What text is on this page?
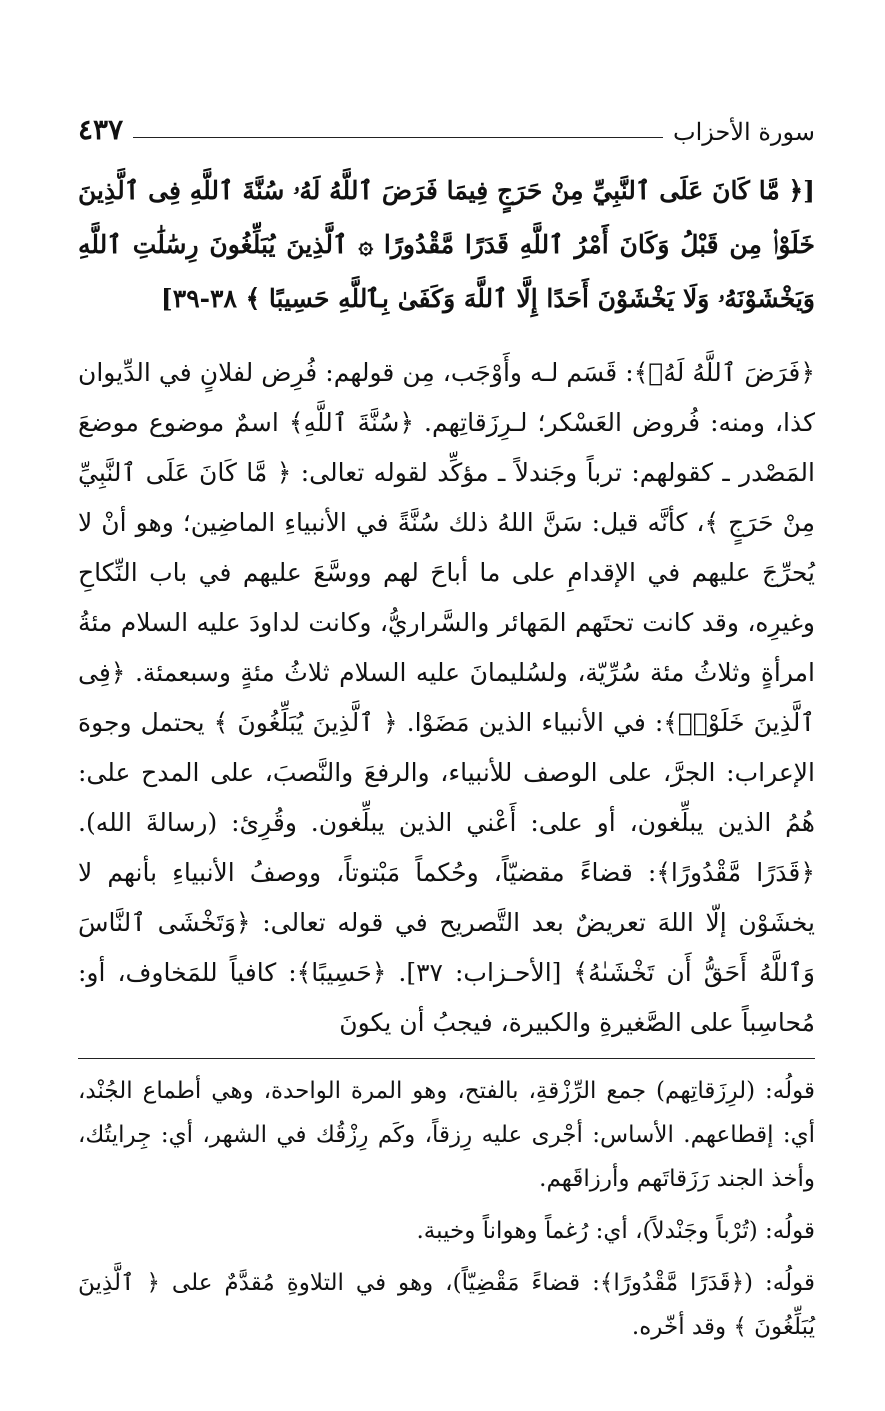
سورة الأحزاب
٤٣٧
[﴿ مَّا كَانَ عَلَى ٱلنَّبِيِّ مِنْ حَرَجٍ فِيمَا فَرَضَ ٱللَّهُ لَهُۥ سُنَّةَ ٱللَّهِ فِى ٱلَّذِينَ خَلَوْا۟ مِن قَبْلُ وَكَانَ أَمْرُ ٱللَّهِ قَدَرًا مَّقْدُورًا ۞ ٱلَّذِينَ يُبَلِّغُونَ رِسَٰلَٰتِ ٱللَّهِ وَيَخْشَوْنَهُۥ وَلَا يَخْشَوْنَ أَحَدًا إِلَّا ٱللَّهَ وَكَفَىٰ بِٱللَّهِ حَسِيبًا ﴾ ٣٨-٣٩]
﴿فَرَضَ ٱللَّهُ لَهُۥ﴾: قَسَم لـه وأَوْجَب، مِن قولهم: فُرِض لفلانٍ في الدِّيوان كذا، ومنه: فُروض العَسْكر؛ لـرِزَقاتِهم. ﴿سُنَّةَ ٱللَّهِ﴾ اسمٌ موضوع موضعَ المَصْدر ـ كقولهم: ترباً وجَندلاً ـ مؤكِّد لقوله تعالى: ﴿ مَّا كَانَ عَلَى ٱلنَّبِيِّ مِنْ حَرَجٍ ﴾، كأنَّه قيل: سَنَّ اللهُ ذلك سُنَّةً في الأنبياءِ الماضِين؛ وهو أنْ لا يُحرِّجَ عليهم في الإقدامِ على ما أباحَ لهم ووسَّعَ عليهم في باب النِّكاحِ وغيرِه، وقد كانت تحتَهم المَهائر والسَّراريُّ، وكانت لداودَ عليه السلام مئةُ امرأةٍ وثلاثُ مئة سُرِّيّة، ولسُليمانَ عليه السلام ثلاثُ مئةٍ وسبعمئة. ﴿فِى ٱلَّذِينَ خَلَوْا۟﴾: في الأنبياء الذين مَضَوْا. ﴿ ٱلَّذِينَ يُبَلِّغُونَ ﴾ يحتمل وجوهَ الإعراب: الجرَّ، على الوصف للأنبياء، والرفعَ والنَّصبَ، على المدح على: هُمُ الذين يبلِّغون، أو على: أَعْني الذين يبلِّغون. وقُرِئ: (رسالةَ الله). ﴿قَدَرًا مَّقْدُورًا﴾: قضاءً مقضيّاً، وحُكماً مَبْتوتاً، ووصفُ الأنبياءِ بأنهم لا يخشَوْن إلّا اللهَ تعريضٌ بعد التَّصريح في قوله تعالى: ﴿وَتَخْشَى ٱلنَّاسَ وَٱللَّهُ أَحَقُّ أَن تَخْشَىٰهُ﴾ [الأحـزاب: ٣٧]. ﴿حَسِيبًا﴾: كافياً للمَخاوف، أو: مُحاسِباً على الصَّغيرةِ والكبيرة، فيجبُ أن يكونَ

قولُه: (لرِزَقاتِهم) جمع الرِّزْقةِ، بالفتح، وهو المرة الواحدة، وهي أطماع الجُنْد، أي: إقطاعهم. الأساس: أجْرى عليه رِزقاً، وكَم رِزْقُك في الشهر، أي: جِرايتُك، وأخذ الجند رَزَقاتَهم وأرزاقَهم.

قولُه: (تُرْباً وجَنْدلاً)، أي: رُغماً وهواناً وخيبة.

قولُه: (﴿قَدَرًا مَّقْدُورًا﴾: قضاءً مَقْضِيّاً)، وهو في التلاوةِ مُقدَّمٌ على ﴿ ٱلَّذِينَ يُبَلِّغُونَ ﴾ وقد أخّره.
